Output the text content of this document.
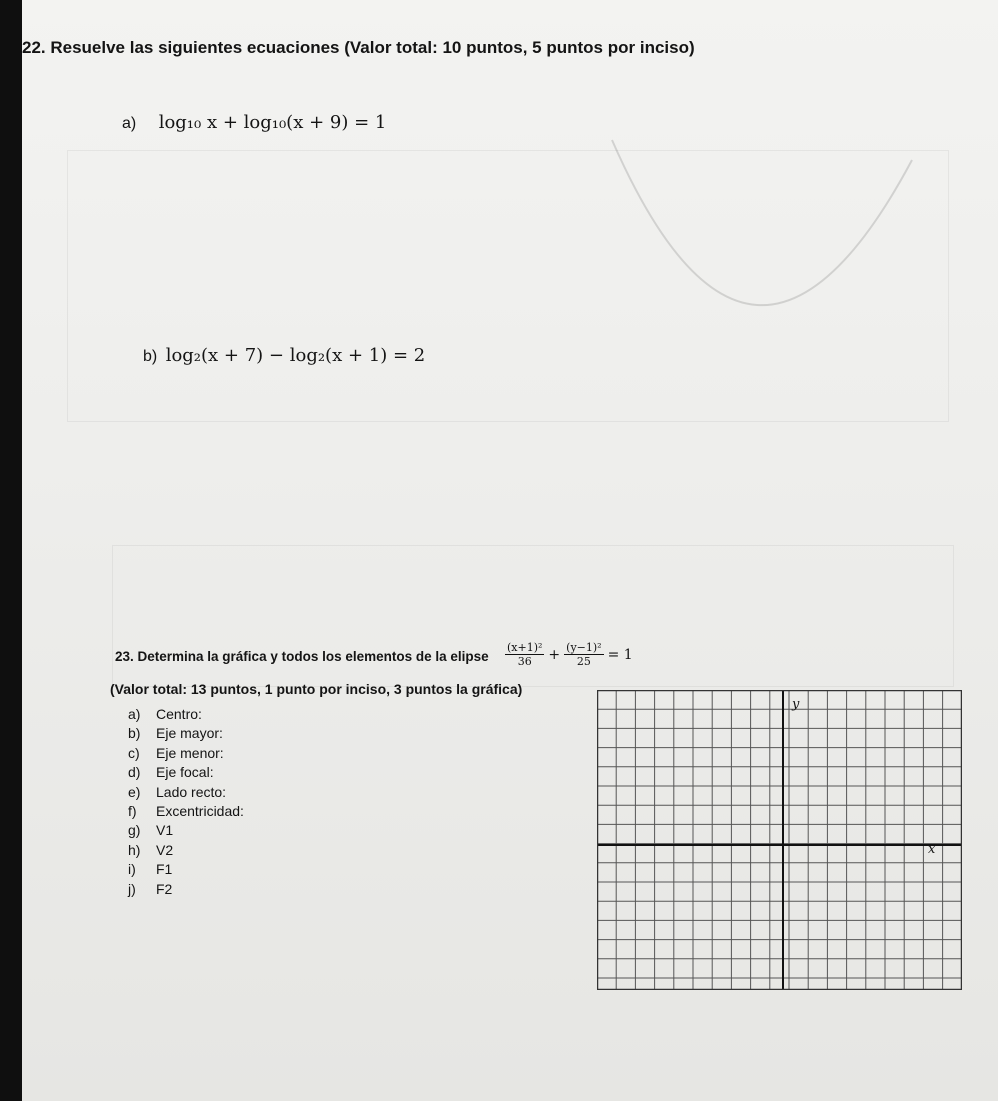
22. Resuelve las siguientes ecuaciones (Valor total: 10 puntos, 5 puntos por inciso)
a) log₁₀ x + log₁₀(x + 9) = 1
b) log₂(x + 7) − log₂(x + 1) = 2
23. Determina la gráfica y todos los elementos de la elipse $\frac{\text{(x+1)²}}{36} + \frac{\text{(y−1)²}}{25} = 1$
(Valor total: 13 puntos, 1 punto por inciso, 3 puntos la gráfica)
a) Centro:
b) Eje mayor:
c) Eje menor:
d) Eje focal:
e) Lado recto:
f) Excentricidad:
g) V1
h) V2
i) F1
j) F2
y
x
